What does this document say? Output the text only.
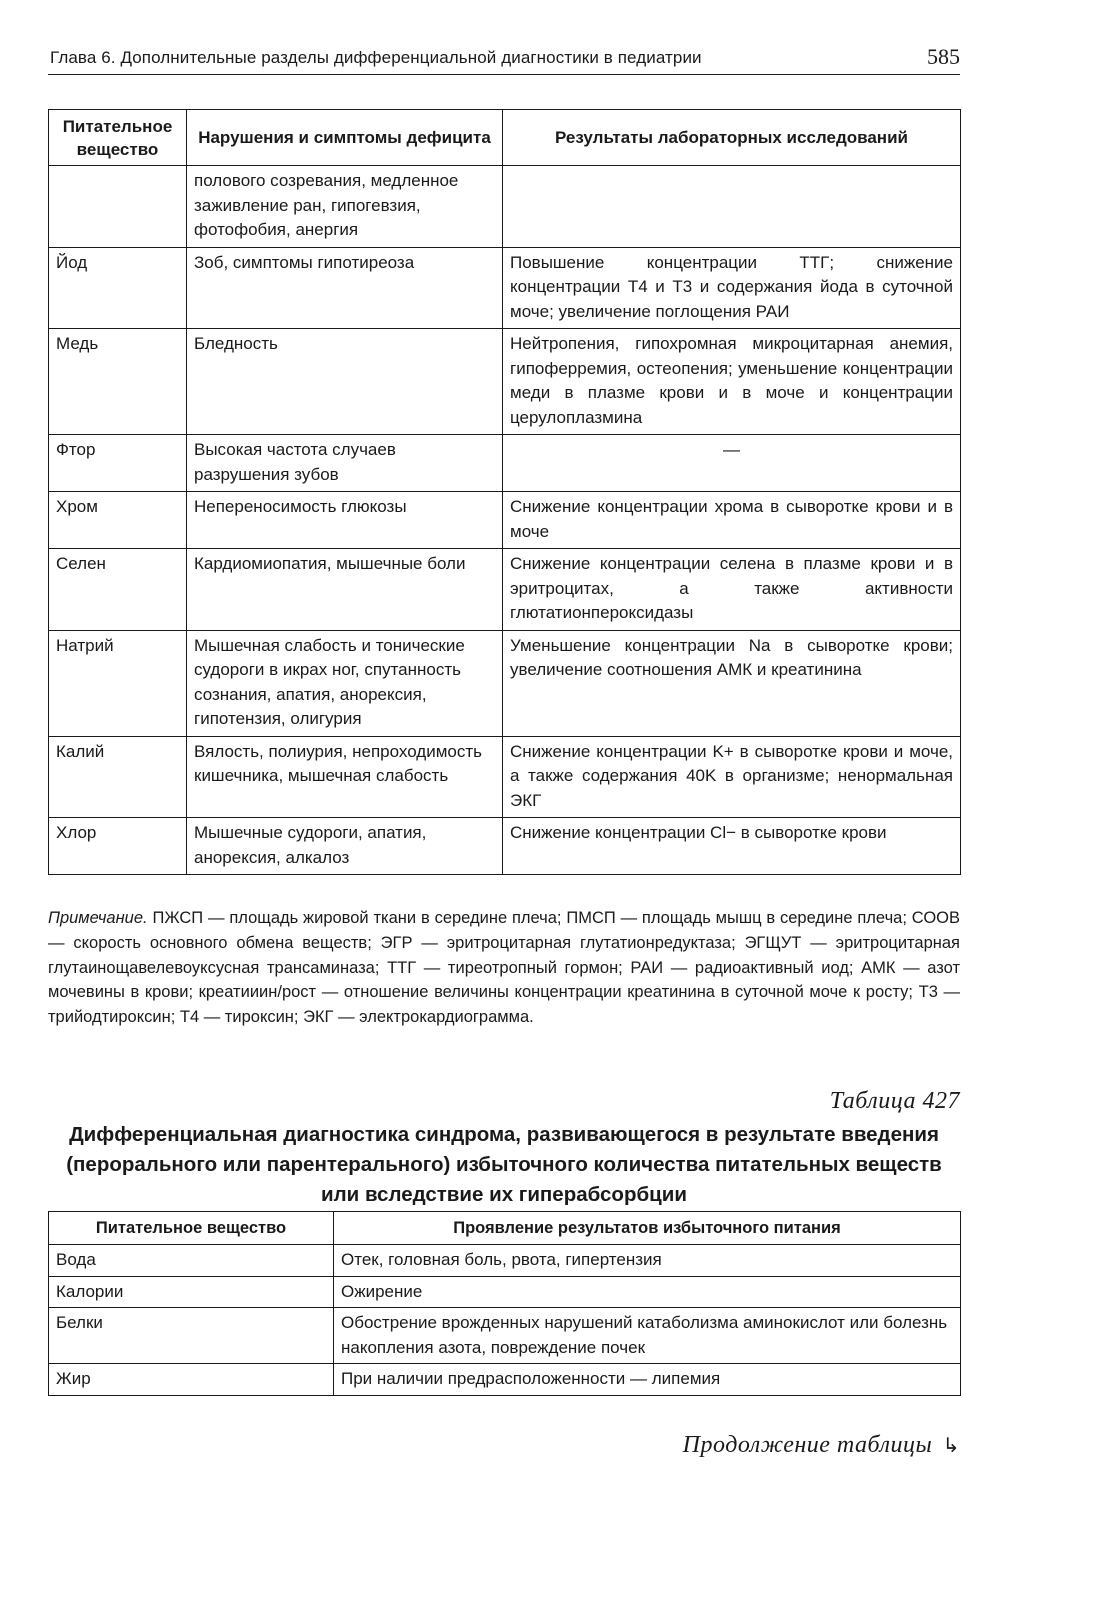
Глава 6. Дополнительные разделы дифференциальной диагностики в педиатрии	585
Питательное вещество	Нарушения и симптомы дефицита	Результаты лабораторных исследований
	полового созревания, медленное заживление ран, гипогевзия, фотофобия, анергия	
Йод	Зоб, симптомы гипотиреоза	Повышение концентрации ТТГ; снижение концентрации T4 и T3 и содержания йода в суточной моче; увеличение поглощения РАИ
Медь	Бледность	Нейтропения, гипохромная микроцитарная анемия, гипоферремия, остеопения; уменьшение концентрации меди в плазме крови и в моче и концентрации церулоплазмина
Фтор	Высокая частота случаев разрушения зубов	—
Хром	Непереносимость глюкозы	Снижение концентрации хрома в сыворотке крови и в моче
Селен	Кардиомиопатия, мышечные боли	Снижение концентрации селена в плазме крови и в эритроцитах, а также активности глютатионпероксидазы
Натрий	Мышечная слабость и тонические судороги в икрах ног, спутанность сознания, апатия, анорексия, гипотензия, олигурия	Уменьшение концентрации Na в сыворотке крови; увеличение соотношения АМК и креатинина
Калий	Вялость, полиурия, непроходимость кишечника, мышечная слабость	Снижение концентрации K+ в сыворотке крови и моче, а также содержания 40K в организме; ненормальная ЭКГ
Хлор	Мышечные судороги, апатия, анорексия, алкалоз	Снижение концентрации Cl− в сыворотке крови
Примечание. ПЖСП — площадь жировой ткани в середине плеча; ПМСП — площадь мышц в середине плеча; СООВ — скорость основного обмена веществ; ЭГР — эритроцитарная глутатионредуктаза; ЭГЩУТ — эритроцитарная глутаинощавелевоуксусная трансаминаза; ТТГ — тиреотропный гормон; РАИ — радиоактивный иод; АМК — азот мочевины в крови; креатииин/рост — отношение величины концентрации креатинина в суточной моче к росту; T3 — трийодтироксин; T4 — тироксин; ЭКГ — электрокардиограмма.
Таблица 427
Дифференциальная диагностика синдрома, развивающегося в результате введения (перорального или парентерального) избыточного количества питательных веществ или вследствие их гиперабсорбции
Питательное вещество	Проявление результатов избыточного питания
Вода	Отек, головная боль, рвота, гипертензия
Калории	Ожирение
Белки	Обострение врожденных нарушений катаболизма аминокислот или болезнь накопления азота, повреждение почек
Жир	При наличии предрасположенности — липемия
Продолжение таблицы ↳
